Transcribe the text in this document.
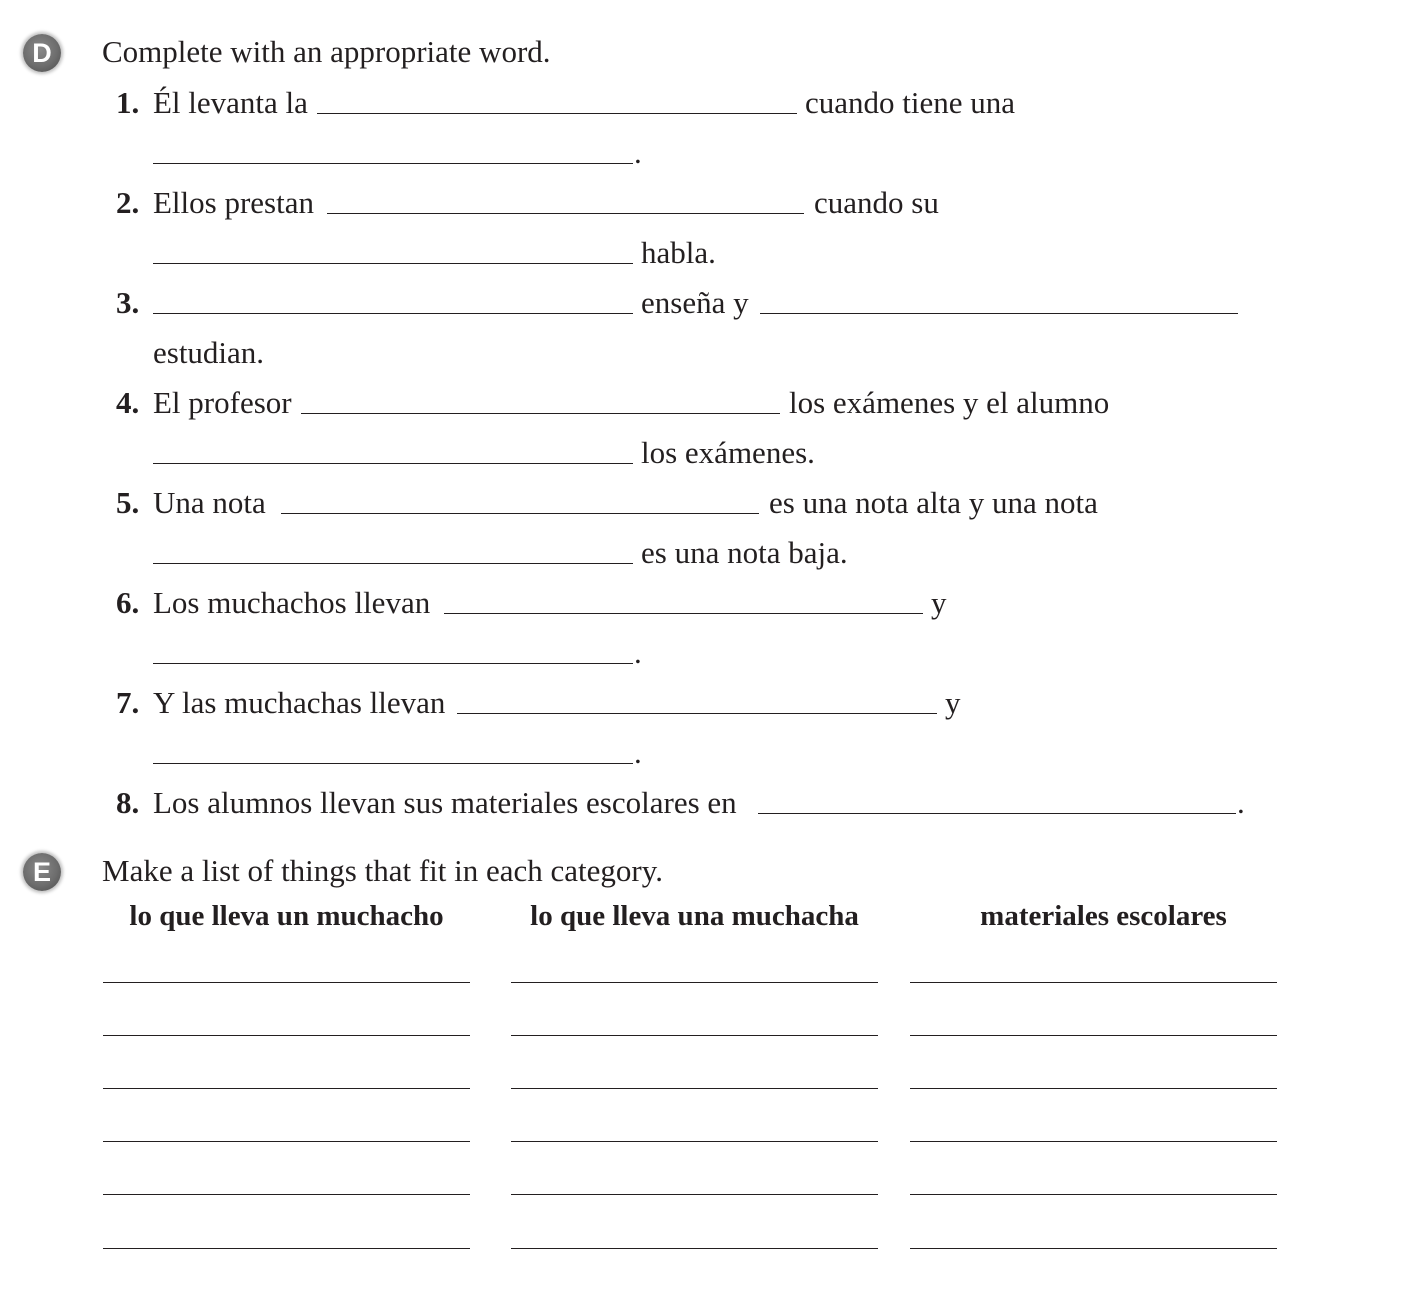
D Complete with an appropriate word.
1. Él levanta la	cuando tiene una
.
2. Ellos prestan	cuando su
habla.
3.	enseña y
estudian.
4. El profesor	los exámenes y el alumno
los exámenes.
5. Una nota	es una nota alta y una nota
es una nota baja.
6. Los muchachos llevan	y
.
7. Y las muchachas llevan	y
.
8. Los alumnos llevan sus materiales escolares en	.
E	Make a list of things that fit in each category.
lo que lleva un muchacho	lo que lleva una muchacha	materiales escolares
